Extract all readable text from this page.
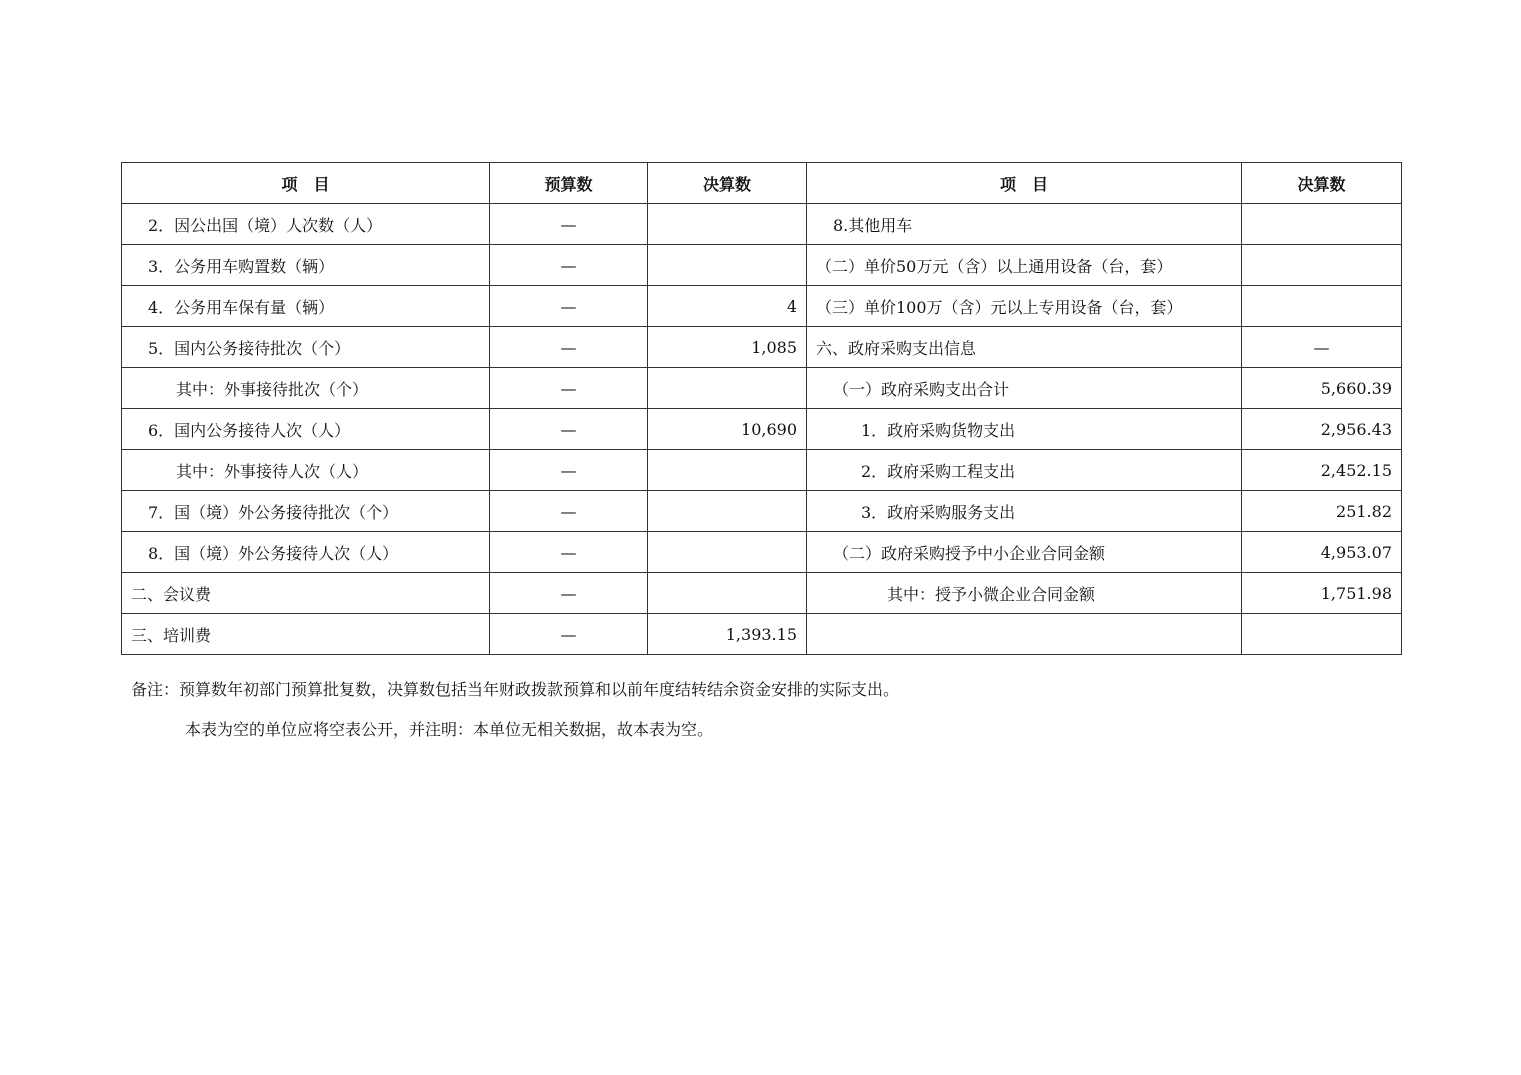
项　目	预算数	决算数	项　目	决算数
2．因公出国（境）人次数（人）	—		8.其他用车	
3．公务用车购置数（辆）	—		（二）单价50万元（含）以上通用设备（台，套）	
4．公务用车保有量（辆）	—	4	（三）单价100万（含）元以上专用设备（台，套）	
5．国内公务接待批次（个）	—	1,085	六、政府采购支出信息	—
其中：外事接待批次（个）	—		（一）政府采购支出合计	5,660.39
6．国内公务接待人次（人）	—	10,690	1．政府采购货物支出	2,956.43
其中：外事接待人次（人）	—		2．政府采购工程支出	2,452.15
7．国（境）外公务接待批次（个）	—		3．政府采购服务支出	251.82
8．国（境）外公务接待人次（人）	—		（二）政府采购授予中小企业合同金额	4,953.07
二、会议费	—		其中：授予小微企业合同金额	1,751.98
三、培训费	—	1,393.15		
备注：预算数年初部门预算批复数，决算数包括当年财政拨款预算和以前年度结转结余资金安排的实际支出。
本表为空的单位应将空表公开，并注明：本单位无相关数据，故本表为空。
